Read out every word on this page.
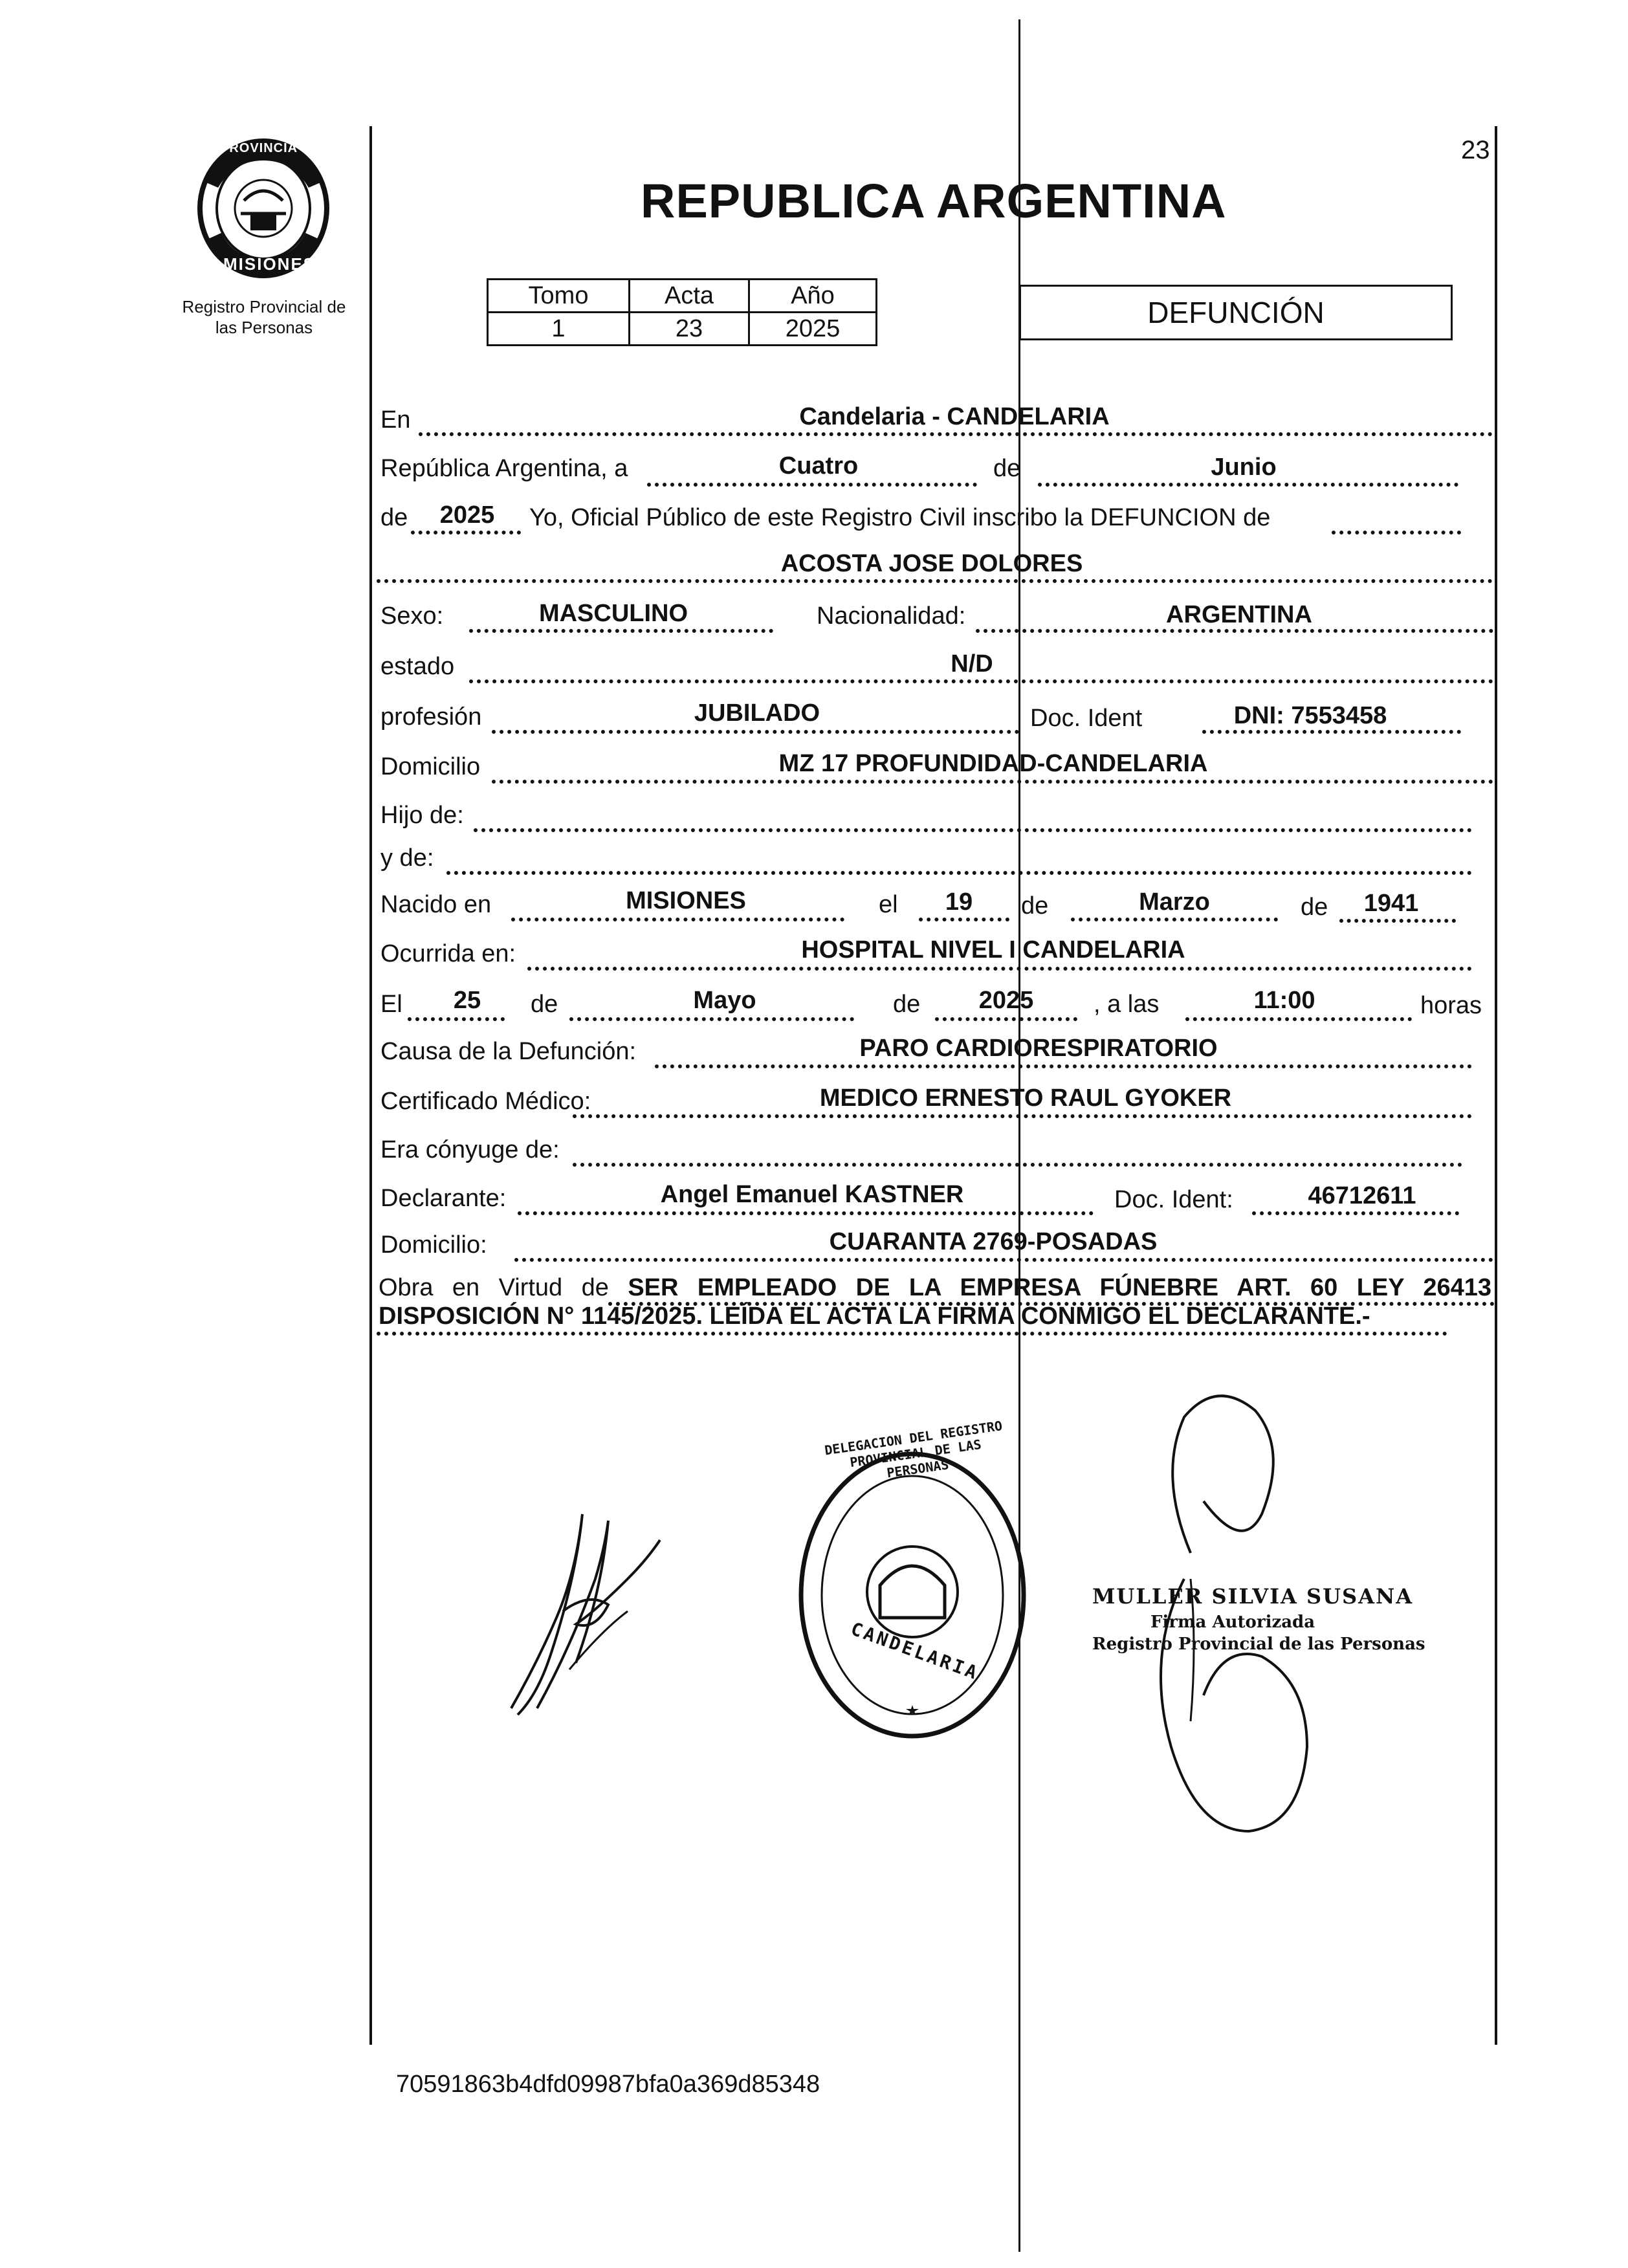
PROVINCIA DE
MISIONES
Registro Provincial de
las Personas
REPUBLICA ARGENTINA
23
Tomo	Acta	Año
1	23	2025	DEFUNCIÓN
En	Candelaria - CANDELARIA
República Argentina, a	Cuatro	de	Junio
de 2025 Yo, Oficial Público de este Registro Civil inscribo la DEFUNCION de
ACOSTA JOSE DOLORES
Sexo:	MASCULINO	Nacionalidad:	ARGENTINA
estado	N/D
profesión	JUBILADO	Doc. Ident	DNI: 7553458
Domicilio	MZ 17 PROFUNDIDAD-CANDELARIA
Hijo de:
y de:
Nacido en	MISIONES	el 19 de	Marzo	de 1941
Ocurrida en:	HOSPITAL NIVEL I CANDELARIA
El 25 de	Mayo	de 2025 , a las	11:00	horas
Causa de la Defunción:	PARO CARDIORESPIRATORIO
Certificado Médico:	MEDICO ERNESTO RAUL GYOKER
Era cónyuge de:
Declarante:	Angel Emanuel KASTNER	Doc. Ident:	46712611
Domicilio:	CUARANTA 2769-POSADAS
Obra en Virtud de SER EMPLEADO DE LA EMPRESA FÚNEBRE ART. 60 LEY 26413 DISPOSICIÓN N° 1145/2025. LEÍDA EL ACTA LA FIRMA CONMIGO EL DECLARANTE.-
DELEGACION DEL REGISTRO PROVINCIAL DE LAS PERSONAS
CANDELARIA
MULLER SILVIA SUSANA
Firma Autorizada
Registro Provincial de las Personas
70591863b4dfd09987bfa0a369d85348
